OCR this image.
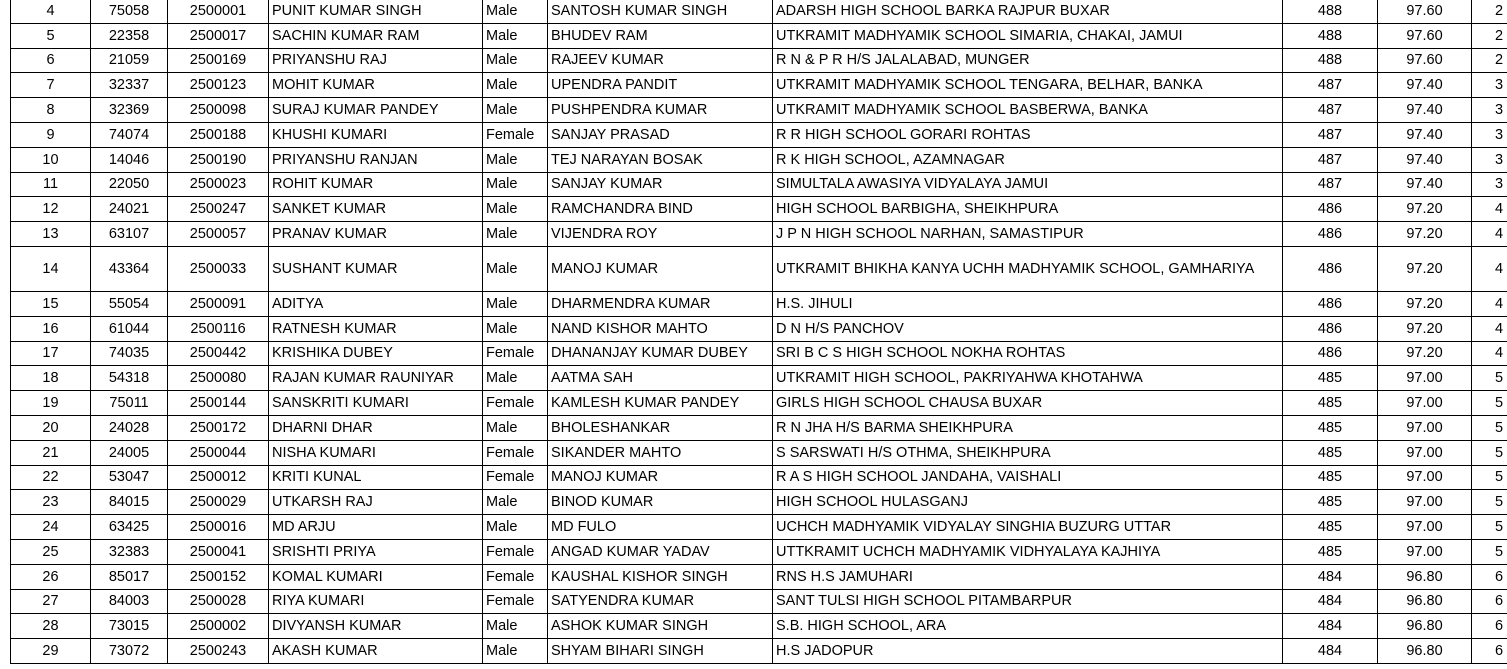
4	75058	2500001	PUNIT KUMAR SINGH	Male	SANTOSH KUMAR SINGH	ADARSH HIGH SCHOOL BARKA RAJPUR BUXAR	488	97.60	2
5	22358	2500017	SACHIN KUMAR RAM	Male	BHUDEV RAM	UTKRAMIT MADHYAMIK SCHOOL SIMARIA, CHAKAI, JAMUI	488	97.60	2
6	21059	2500169	PRIYANSHU RAJ	Male	RAJEEV KUMAR	R N & P R H/S JALALABAD, MUNGER	488	97.60	2
7	32337	2500123	MOHIT KUMAR	Male	UPENDRA PANDIT	UTKRAMIT MADHYAMIK SCHOOL TENGARA, BELHAR, BANKA	487	97.40	3
8	32369	2500098	SURAJ KUMAR PANDEY	Male	PUSHPENDRA KUMAR	UTKRAMIT MADHYAMIK SCHOOL BASBERWA, BANKA	487	97.40	3
9	74074	2500188	KHUSHI KUMARI	Female	SANJAY PRASAD	R R HIGH SCHOOL GORARI ROHTAS	487	97.40	3
10	14046	2500190	PRIYANSHU RANJAN	Male	TEJ NARAYAN BOSAK	R K HIGH SCHOOL, AZAMNAGAR	487	97.40	3
11	22050	2500023	ROHIT KUMAR	Male	SANJAY KUMAR	SIMULTALA AWASIYA VIDYALAYA JAMUI	487	97.40	3
12	24021	2500247	SANKET KUMAR	Male	RAMCHANDRA BIND	HIGH SCHOOL BARBIGHA, SHEIKHPURA	486	97.20	4
13	63107	2500057	PRANAV KUMAR	Male	VIJENDRA ROY	J P N HIGH SCHOOL NARHAN, SAMASTIPUR	486	97.20	4
14	43364	2500033	SUSHANT KUMAR	Male	MANOJ KUMAR	UTKRAMIT BHIKHA KANYA UCHH MADHYAMIK SCHOOL, GAMHARIYA	486	97.20	4
15	55054	2500091	ADITYA	Male	DHARMENDRA KUMAR	H.S. JIHULI	486	97.20	4
16	61044	2500116	RATNESH KUMAR	Male	NAND KISHOR MAHTO	D N H/S PANCHOV	486	97.20	4
17	74035	2500442	KRISHIKA DUBEY	Female	DHANANJAY KUMAR DUBEY	SRI B C S HIGH SCHOOL NOKHA ROHTAS	486	97.20	4
18	54318	2500080	RAJAN KUMAR RAUNIYAR	Male	AATMA SAH	UTKRAMIT HIGH SCHOOL, PAKRIYAHWA KHOTAHWA	485	97.00	5
19	75011	2500144	SANSKRITI KUMARI	Female	KAMLESH KUMAR PANDEY	GIRLS HIGH SCHOOL CHAUSA BUXAR	485	97.00	5
20	24028	2500172	DHARNI DHAR	Male	BHOLESHANKAR	R N JHA H/S BARMA SHEIKHPURA	485	97.00	5
21	24005	2500044	NISHA KUMARI	Female	SIKANDER MAHTO	S SARSWATI H/S OTHMA, SHEIKHPURA	485	97.00	5
22	53047	2500012	KRITI KUNAL	Female	MANOJ KUMAR	R A S HIGH SCHOOL JANDAHA, VAISHALI	485	97.00	5
23	84015	2500029	UTKARSH RAJ	Male	BINOD KUMAR	HIGH SCHOOL HULASGANJ	485	97.00	5
24	63425	2500016	MD ARJU	Male	MD FULO	UCHCH MADHYAMIK VIDYALAY SINGHIA BUZURG UTTAR	485	97.00	5
25	32383	2500041	SRISHTI PRIYA	Female	ANGAD KUMAR YADAV	UTTKRAMIT UCHCH MADHYAMIK VIDHYALAYA KAJHIYA	485	97.00	5
26	85017	2500152	KOMAL KUMARI	Female	KAUSHAL KISHOR SINGH	RNS H.S JAMUHARI	484	96.80	6
27	84003	2500028	RIYA KUMARI	Female	SATYENDRA KUMAR	SANT TULSI HIGH SCHOOL PITAMBARPUR	484	96.80	6
28	73015	2500002	DIVYANSH KUMAR	Male	ASHOK KUMAR SINGH	S.B. HIGH SCHOOL, ARA	484	96.80	6
29	73072	2500243	AKASH KUMAR	Male	SHYAM BIHARI SINGH	H.S JADOPUR	484	96.80	6
